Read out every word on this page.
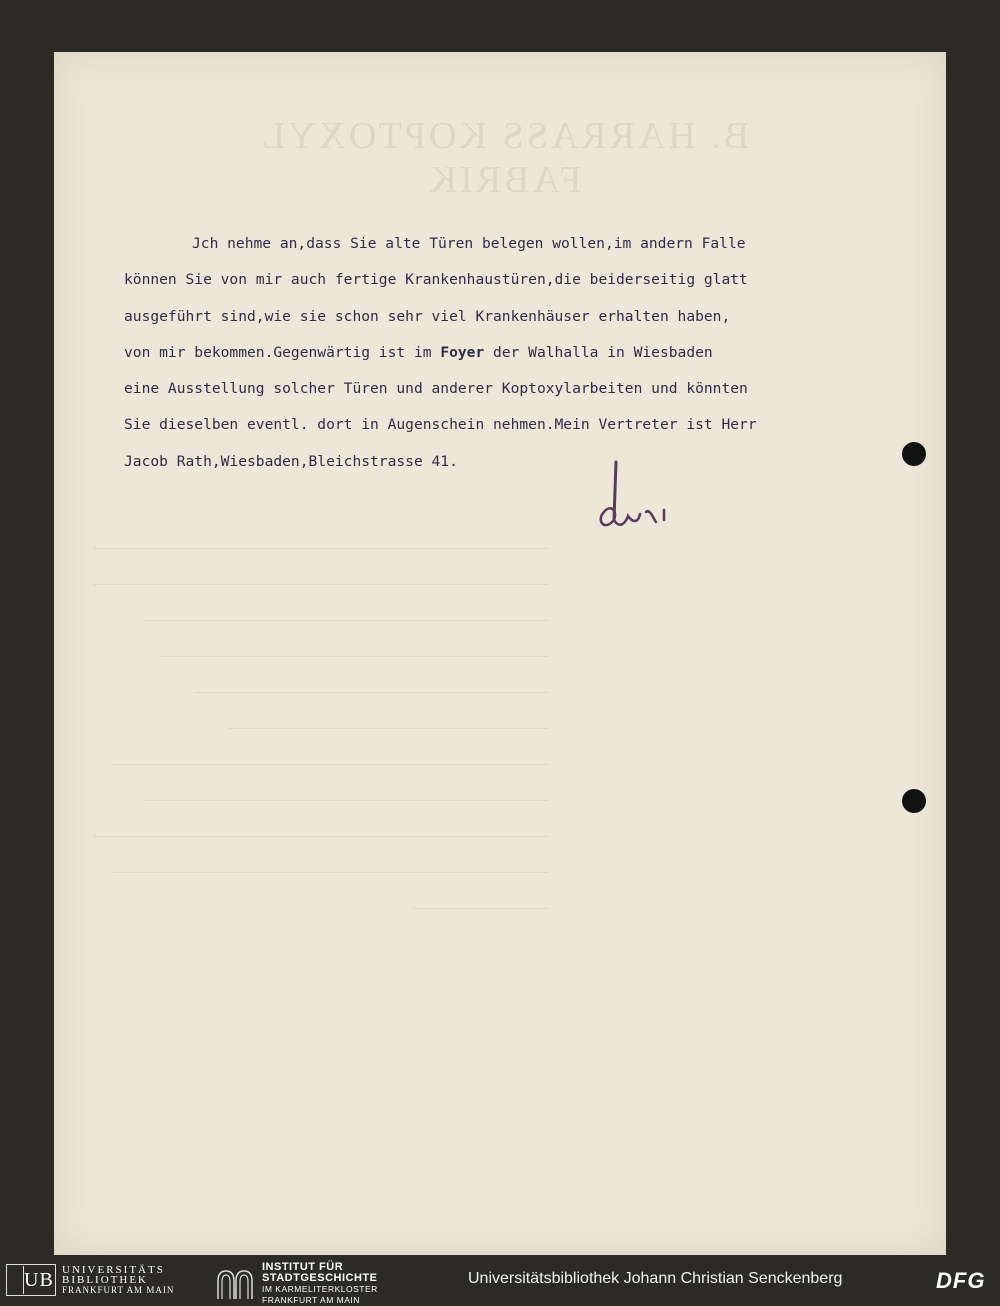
B. HARRASS KOPTOXYL FABRIK
──────────────────────────────────────────────────────
──────────────────────────────────────────────────────
────────────────────────────────────────────────
──────────────────────────────────────────────
──────────────────────────────────────────
──────────────────────────────────────
────────────────────────────────────────────────────
────────────────────────────────────────────────
──────────────────────────────────────────────────────
────────────────────────────────────────────────────
────────────────
Jch nehme an,dass Sie alte Türen belegen wollen,im andern Falle
können Sie von mir auch fertige Krankenhaustüren,die beiderseitig glatt
ausgeführt sind,wie sie schon sehr viel Krankenhäuser erhalten haben,
von mir bekommen.Gegenwärtig ist im Foyer der Walhalla in Wiesbaden
eine Ausstellung solcher Türen und anderer Koptoxylarbeiten und könnten
Sie dieselben eventl. dort in Augenschein nehmen.Mein Vertreter ist Herr
Jacob Rath,Wiesbaden,Bleichstrasse 41.
UB UNIVERSITÄTS
BIBLIOTHEK
FRANKFURT AM MAIN
INSTITUT FÜR
STADTGESCHICHTE
IM KARMELITERKLOSTER
FRANKFURT AM MAIN
Universitätsbibliothek Johann Christian Senckenberg	DFG
